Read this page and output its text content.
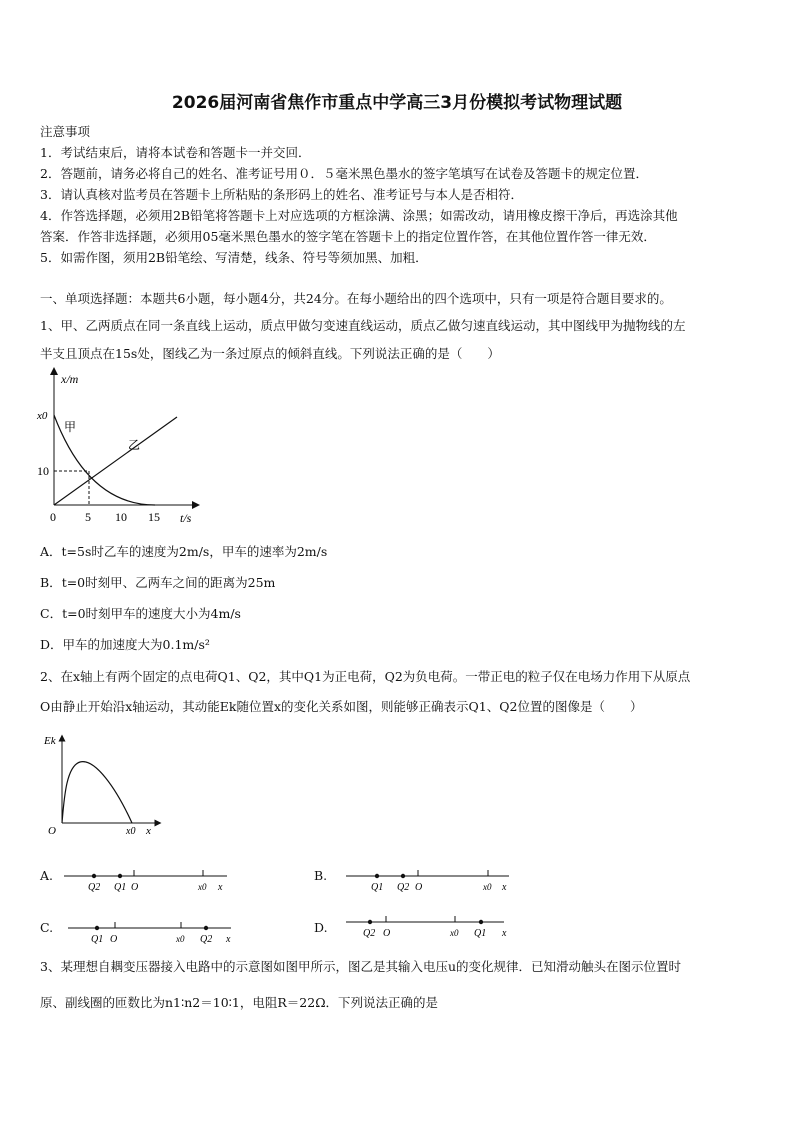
2026届河南省焦作市重点中学高三3月份模拟考试物理试题
注意事项
1．考试结束后，请将本试卷和答题卡一并交回．
2．答题前，请务必将自己的姓名、准考证号用０．５毫米黑色墨水的签字笔填写在试卷及答题卡的规定位置．
3．请认真核对监考员在答题卡上所粘贴的条形码上的姓名、准考证号与本人是否相符．
4．作答选择题，必须用2B铅笔将答题卡上对应选项的方框涂满、涂黑；如需改动，请用橡皮擦干净后，再选涂其他
答案．作答非选择题，必须用05毫米黑色墨水的签字笔在答题卡上的指定位置作答，在其他位置作答一律无效．
5．如需作图，须用2B铅笔绘、写清楚，线条、符号等须加黑、加粗．
一、单项选择题：本题共6小题，每小题4分，共24分。在每小题给出的四个选项中，只有一项是符合题目要求的。
1、甲、乙两质点在同一条直线上运动，质点甲做匀变速直线运动，质点乙做匀速直线运动，其中图线甲为抛物线的左
半支且顶点在15s处，图线乙为一条过原点的倾斜直线。下列说法正确的是（　　）
x/m
x0
10
0 5 10 15 t/s
甲
乙
A．t=5s时乙车的速度为2m/s，甲车的速率为2m/s
B．t=0时刻甲、乙两车之间的距离为25m
C．t=0时刻甲车的速度大小为4m/s
D．甲车的加速度大为0.1m/s²
2、在x轴上有两个固定的点电荷Q1、Q2，其中Q1为正电荷，Q2为负电荷。一带正电的粒子仅在电场力作用下从原点
O由静止开始沿x轴运动，其动能Ek随位置x的变化关系如图，则能够正确表示Q1、Q2位置的图像是（　　）
Ek
O	x0 x
A.
Q2 Q1 O	x0 x
B.
Q1 Q2 O	x0 x
C.
Q1 O	x0 Q2 x
D.	Q2 O	x0 Q1 x
3、某理想自耦变压器接入电路中的示意图如图甲所示，图乙是其输入电压u的变化规律．已知滑动触头在图示位置时
原、副线圈的匝数比为n1∶n2＝10∶1，电阻R＝22Ω．下列说法正确的是
